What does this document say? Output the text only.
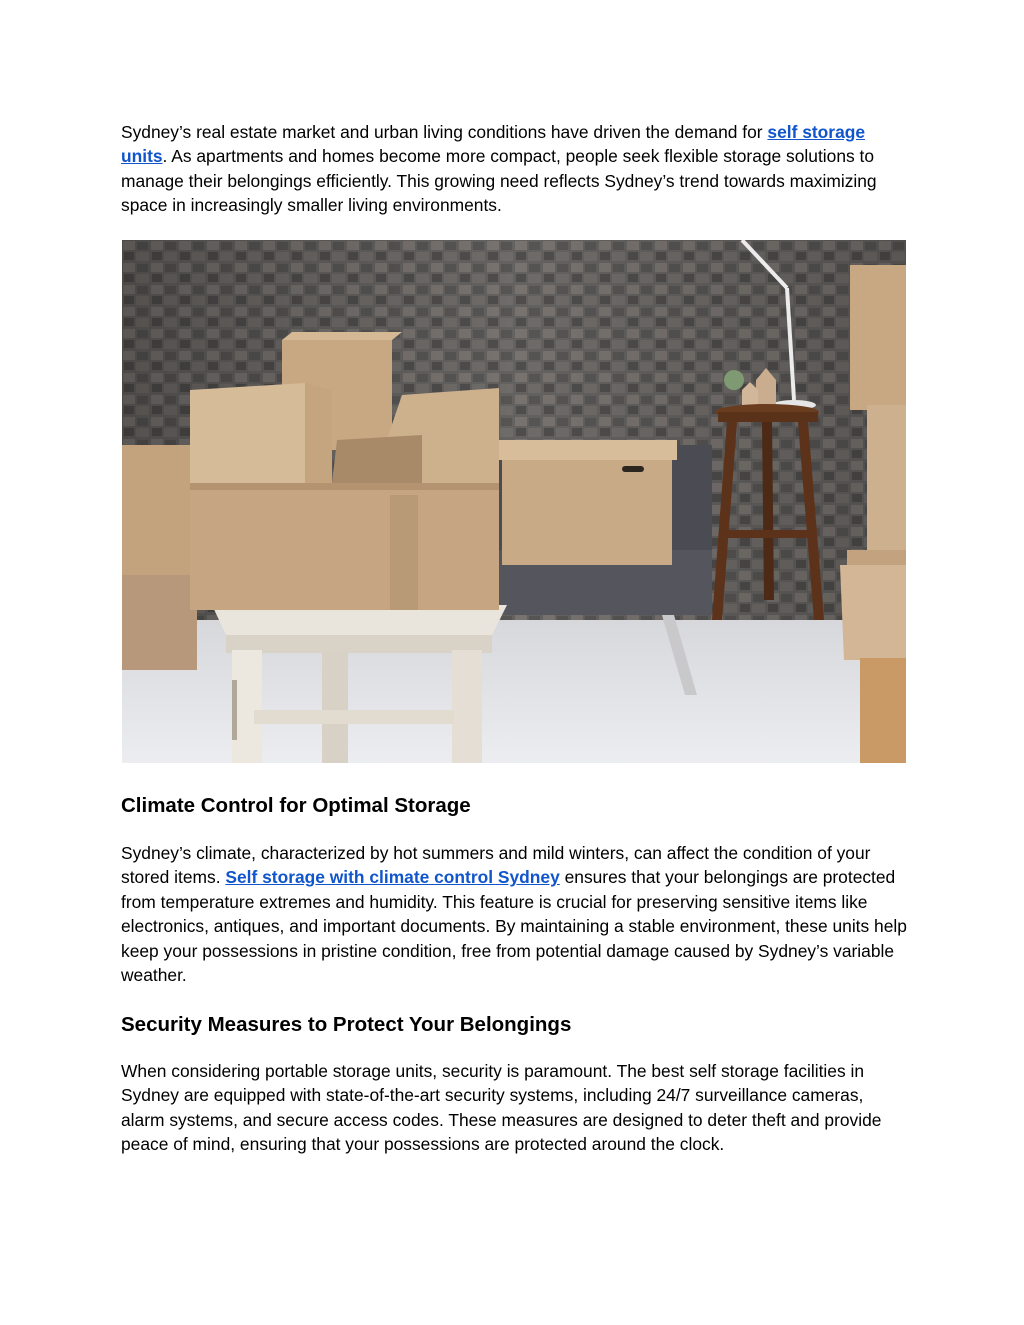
Sydney’s real estate market and urban living conditions have driven the demand for self storage units. As apartments and homes become more compact, people seek flexible storage solutions to manage their belongings efficiently. This growing need reflects Sydney’s trend towards maximizing space in increasingly smaller living environments.

Climate Control for Optimal Storage

Sydney’s climate, characterized by hot summers and mild winters, can affect the condition of your stored items. Self storage with climate control Sydney ensures that your belongings are protected from temperature extremes and humidity. This feature is crucial for preserving sensitive items like electronics, antiques, and important documents. By maintaining a stable environment, these units help keep your possessions in pristine condition, free from potential damage caused by Sydney’s variable weather.

Security Measures to Protect Your Belongings

When considering portable storage units, security is paramount. The best self storage facilities in Sydney are equipped with state-of-the-art security systems, including 24/7 surveillance cameras, alarm systems, and secure access codes. These measures are designed to deter theft and provide peace of mind, ensuring that your possessions are protected around the clock.
